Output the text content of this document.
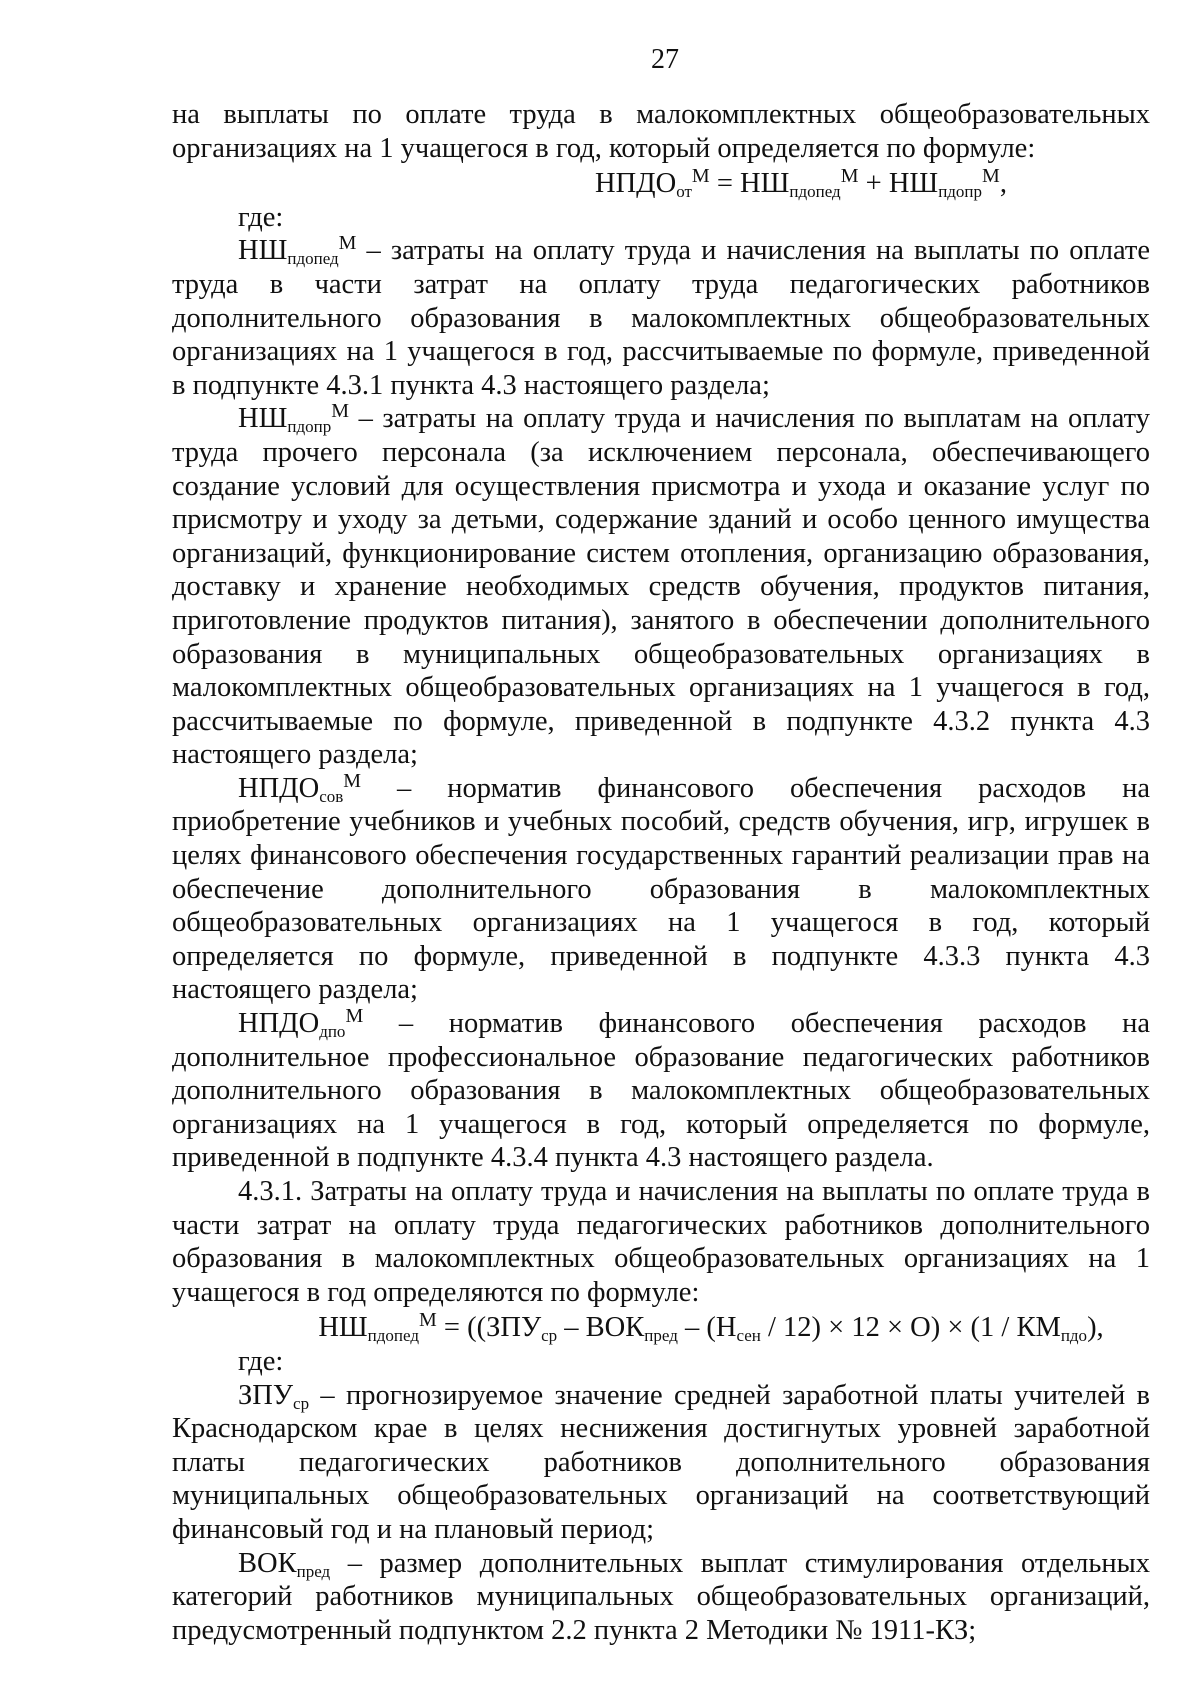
27

на выплаты по оплате труда в малокомплектных общеобразовательных организациях на 1 учащегося в год, который определяется по формуле:

$НПДО_{от}^М = НШ_{пдопед}^М + НШ_{пдопр}^М$,

где:

$НШ_{пдопед}^М$ – затраты на оплату труда и начисления на выплаты по оплате труда в части затрат на оплату труда педагогических работников дополнительного образования в малокомплектных общеобразовательных организациях на 1 учащегося в год, рассчитываемые по формуле, приведенной в подпункте 4.3.1 пункта 4.3 настоящего раздела;

$НШ_{пдопр}^М$ – затраты на оплату труда и начисления по выплатам на оплату труда прочего персонала (за исключением персонала, обеспечивающего создание условий для осуществления присмотра и ухода и оказание услуг по присмотру и уходу за детьми, содержание зданий и особо ценного имущества организаций, функционирование систем отопления, организацию образования, доставку и хранение необходимых средств обучения, продуктов питания, приготовление продуктов питания), занятого в обеспечении дополнительного образования в муниципальных общеобразовательных организациях в малокомплектных общеобразовательных организациях на 1 учащегося в год, рассчитываемые по формуле, приведенной в подпункте 4.3.2 пункта 4.3 настоящего раздела;

$НПДО_{сов}^М$ – норматив финансового обеспечения расходов на приобретение учебников и учебных пособий, средств обучения, игр, игрушек в целях финансового обеспечения государственных гарантий реализации прав на обеспечение дополнительного образования в малокомплектных общеобразовательных организациях на 1 учащегося в год, который определяется по формуле, приведенной в подпункте 4.3.3 пункта 4.3 настоящего раздела;

$НПДО_{дпо}^М$ – норматив финансового обеспечения расходов на дополнительное профессиональное образование педагогических работников дополнительного образования в малокомплектных общеобразовательных организациях на 1 учащегося в год, который определяется по формуле, приведенной в подпункте 4.3.4 пункта 4.3 настоящего раздела.

4.3.1. Затраты на оплату труда и начисления на выплаты по оплате труда в части затрат на оплату труда педагогических работников дополнительного образования в малокомплектных общеобразовательных организациях на 1 учащегося в год определяются по формуле:

$НШ_{пдопед}^М = ((ЗПУ_{ср} - ВОК_{пред} - (Н_{сен} / 12) \times 12 \times О) \times (1 / КМ_{пдо})$,

где:

$ЗПУ_{ср}$ – прогнозируемое значение средней заработной платы учителей в Краснодарском крае в целях неснижения достигнутых уровней заработной платы педагогических работников дополнительного образования муниципальных общеобразовательных организаций на соответствующий финансовый год и на плановый период;

$ВОК_{пред}$ – размер дополнительных выплат стимулирования отдельных категорий работников муниципальных общеобразовательных организаций, предусмотренный подпунктом 2.2 пункта 2 Методики № 1911-КЗ;
